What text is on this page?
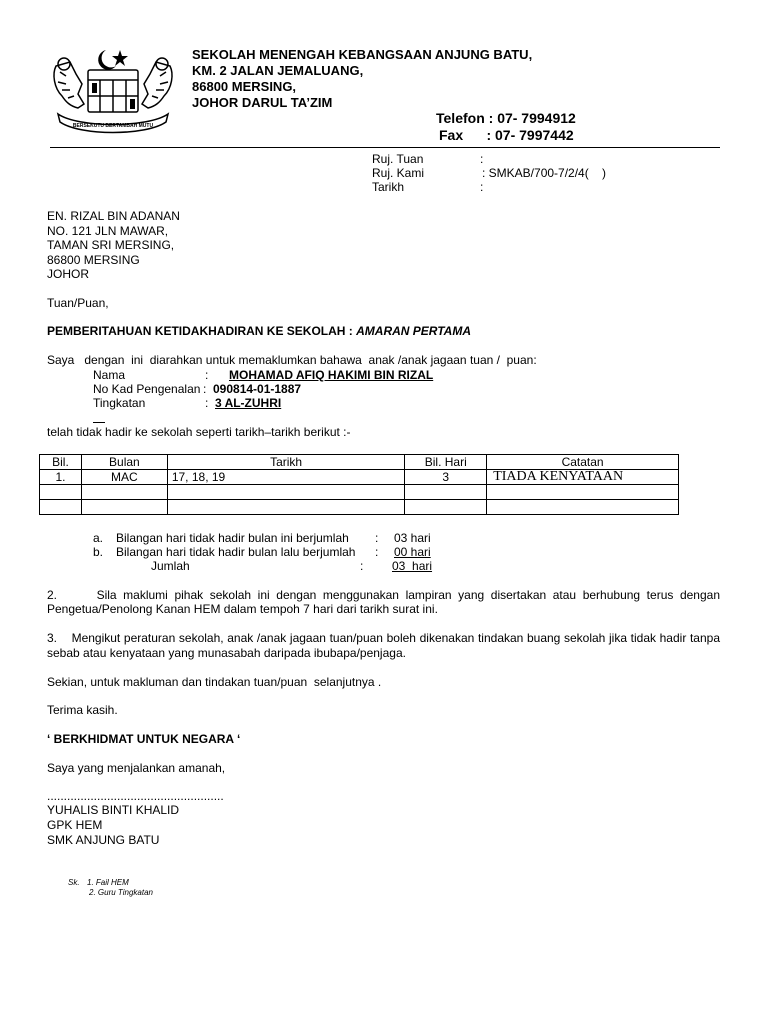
BERSEKUTU BERTAMBAH MUTU
SEKOLAH MENENGAH KEBANGSAAN ANJUNG BATU,
KM. 2 JALAN JEMALUANG,
86800 MERSING,
JOHOR DARUL TA’ZIM
Telefon : 07- 7994912
Fax      : 07- 7997442
Ruj. Tuan	:
Ruj. Kami	: SMKAB/700-7/2/4(    )
Tarikh	:
EN. RIZAL BIN ADANAN
NO. 121 JLN MAWAR,
TAMAN SRI MERSING,
86800 MERSING
JOHOR
Tuan/Puan,
PEMBERITAHUAN KETIDAKHADIRAN KE SEKOLAH : AMARAN PERTAMA
Saya   dengan  ini  diarahkan untuk memaklumkan bahawa  anak /anak jagaan tuan /  puan:
Nama	: MOHAMAD AFIQ HAKIMI BIN RIZAL
No Kad Pengenalan : 090814-01-1887
Tingkatan	: 3 AL-ZUHRI
telah tidak hadir ke sekolah seperti tarikh–tarikh berikut :-
Bil.	Bulan	Tarikh	Bil. Hari	Catatan
1.	MAC	17, 18, 19	3	TIADA KENYATAAN

a. Bilangan hari tidak hadir bulan ini berjumlah : 03 hari
b. Bilangan hari tidak hadir bulan lalu berjumlah : 00 hari
Jumlah	: 03  hari
2.      Sila maklumi pihak sekolah ini dengan menggunakan lampiran yang disertakan atau berhubung terus dengan
Pengetua/Penolong Kanan HEM dalam tempoh 7 hari dari tarikh surat ini.
3.    Mengikut peraturan sekolah, anak /anak jagaan tuan/puan boleh dikenakan tindakan buang sekolah jika tidak hadir tanpa
sebab atau kenyataan yang munasabah daripada ibubapa/penjaga.
Sekian, untuk makluman dan tindakan tuan/puan  selanjutnya .
Terima kasih.
‘ BERKHIDMAT UNTUK NEGARA ‘
Saya yang menjalankan amanah,
.....................................................
YUHALIS BINTI KHALID
GPK HEM
SMK ANJUNG BATU
Sk. 1. Fail HEM
2. Guru Tingkatan
